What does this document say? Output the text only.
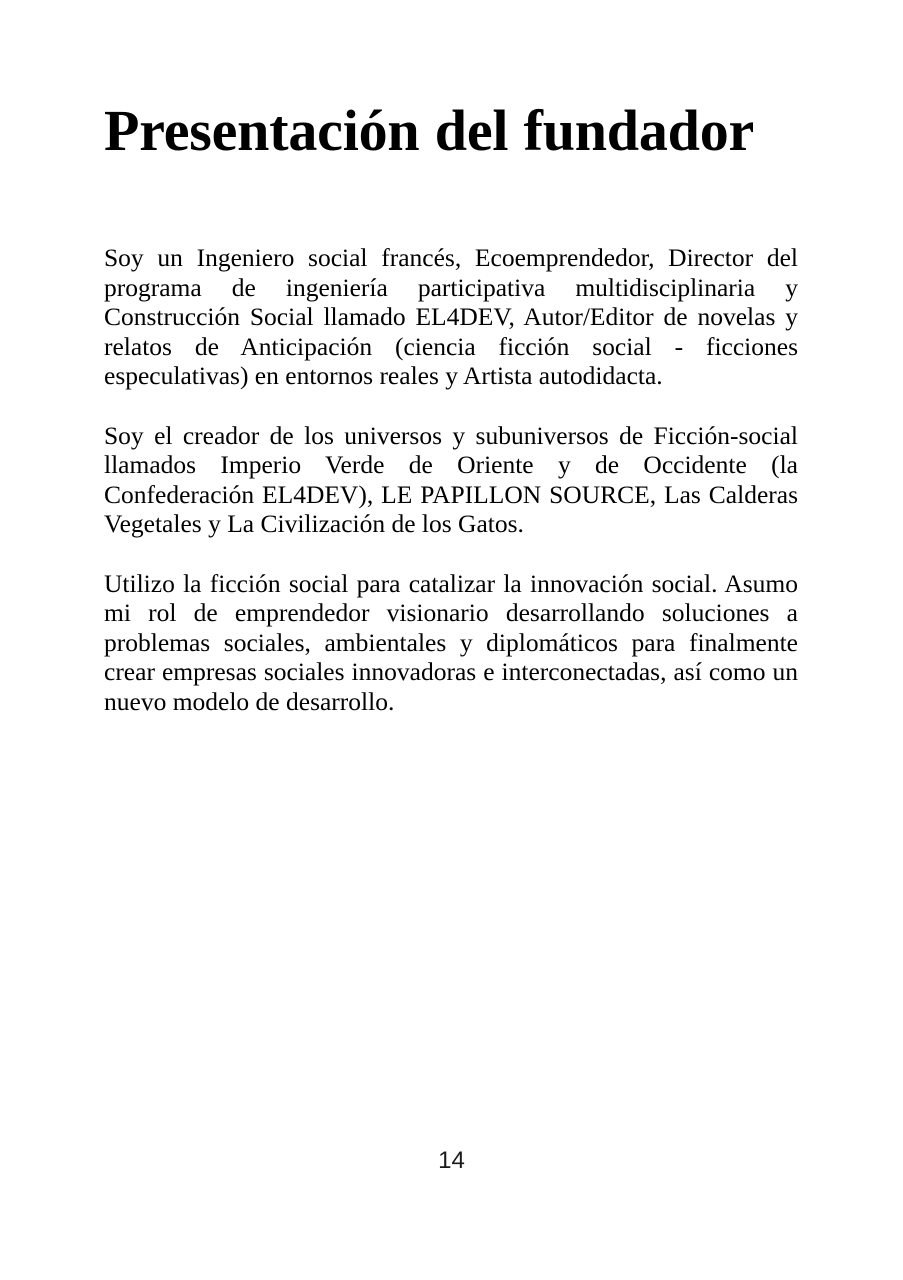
Presentación del fundador

Soy un Ingeniero social francés, Ecoemprendedor, Director del programa de ingeniería participativa multidisciplinaria y Construcción Social llamado EL4DEV, Autor/Editor de novelas y relatos de Anticipación (ciencia ficción social - ficciones especulativas) en entornos reales y Artista autodidacta.

Soy el creador de los universos y subuniversos de Ficción-social llamados Imperio Verde de Oriente y de Occidente (la Confederación EL4DEV), LE PAPILLON SOURCE, Las Calderas Vegetales y La Civilización de los Gatos.

Utilizo la ficción social para catalizar la innovación social. Asumo mi rol de emprendedor visionario desarrollando soluciones a problemas sociales, ambientales y diplomáticos para finalmente crear empresas sociales innovadoras e interconectadas, así como un nuevo modelo de desarrollo.

14
